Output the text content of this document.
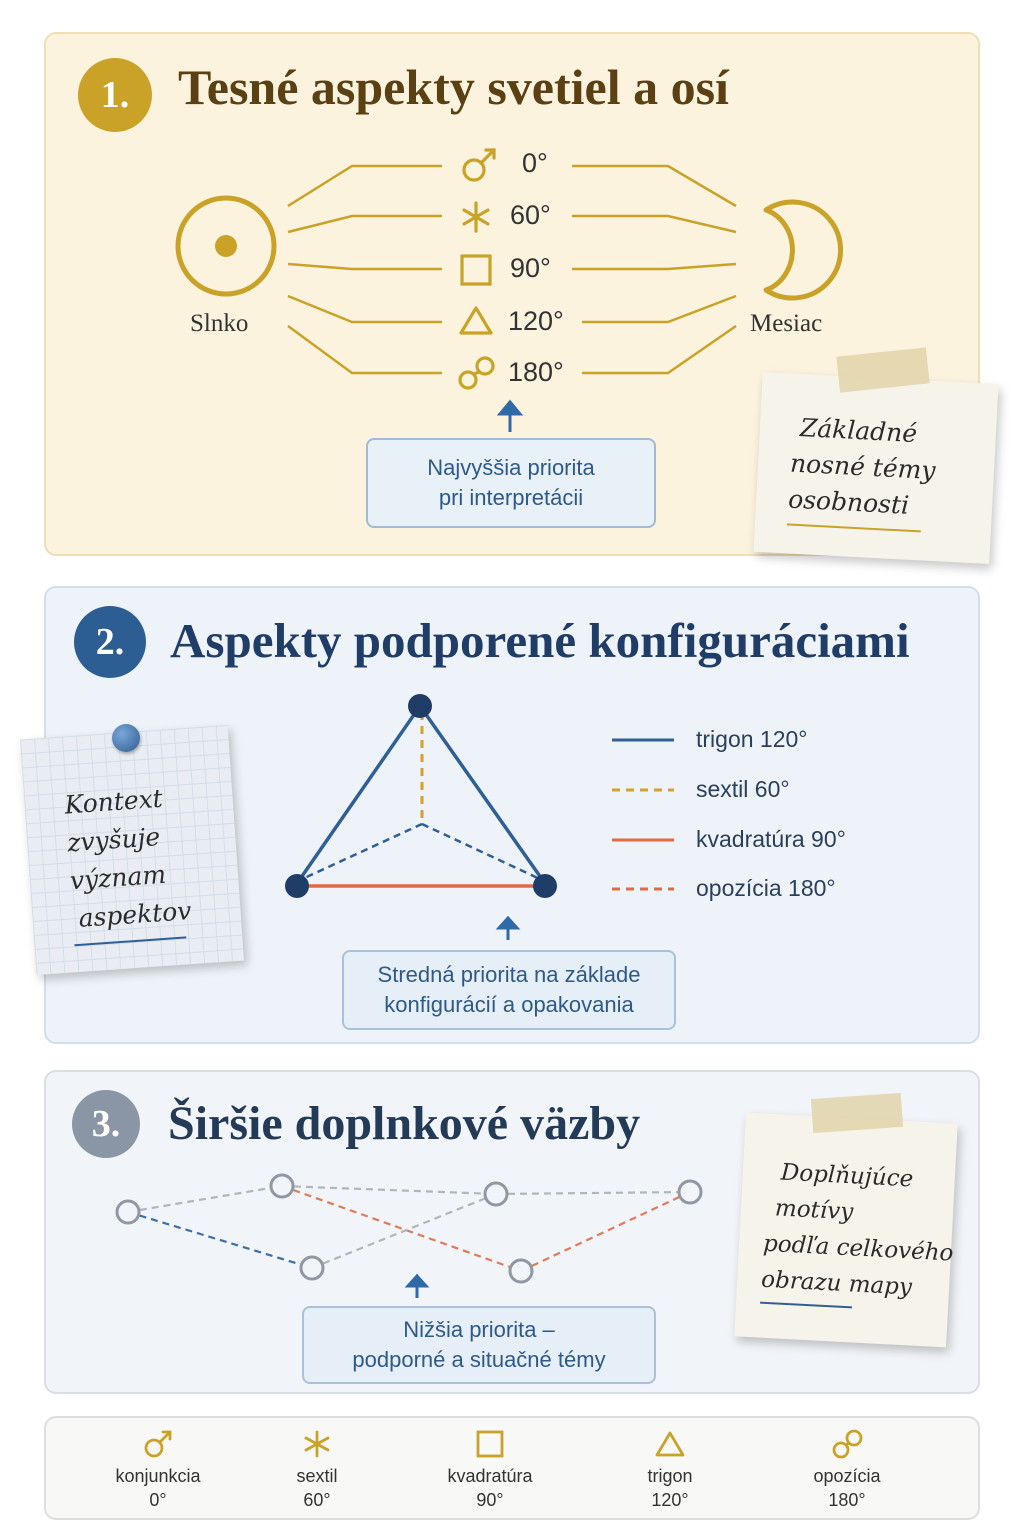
1. Tesné aspekty svetiel a osí
Slnko	Mesiac
0°
60°
90°
120°
180°
Najvyššia priorita
pri interpretácii
Základné
nosné témy
osobnosti
2. Aspekty podporené konfiguráciami
trigon 120°
sextil 60°
kvadratúra 90°
opozícia 180°
Stredná priorita na základe
konfigurácií a opakovania
Kontext
zvyšuje
význam
aspektov
3. Širšie doplnkové väzby
Nižšia priorita –
podporné a situačné témy
Doplňujúce
motívy
podľa celkového
obrazu mapy
konjunkcia
0°
sextil
60°
kvadratúra
90°
trigon
120°
opozícia
180°
